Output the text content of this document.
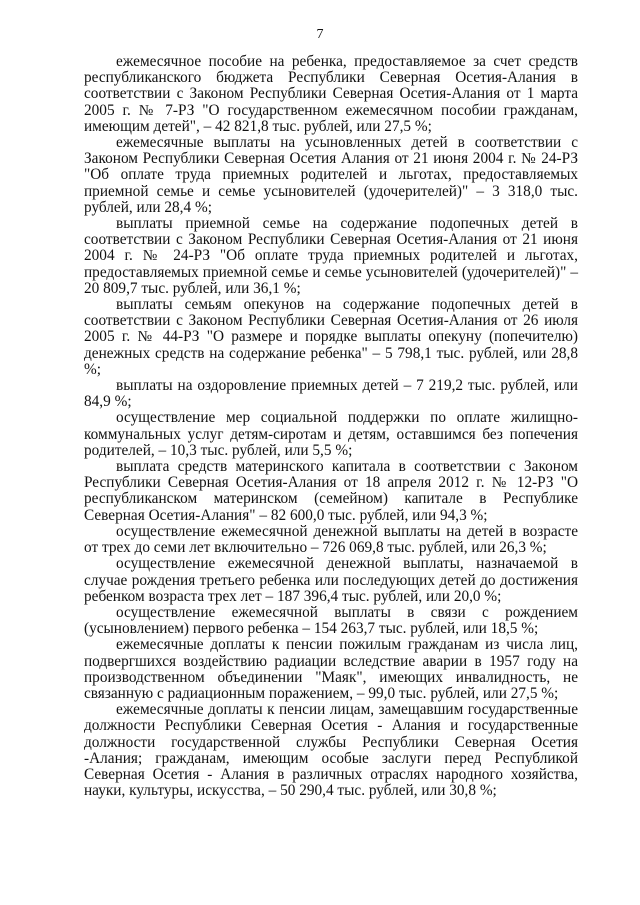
7

ежемесячное пособие на ребенка, предоставляемое за счет средств республиканского бюджета Республики Северная Осетия-Алания в соответствии с Законом Республики Северная Осетия-Алания от 1 марта 2005 г. № 7-РЗ "О государственном ежемесячном пособии гражданам, имеющим детей", – 42 821,8 тыс. рублей, или 27,5 %;

ежемесячные выплаты на усыновленных детей в соответствии с Законом Республики Северная Осетия Алания от 21 июня 2004 г. № 24-РЗ "Об оплате труда приемных родителей и льготах, предоставляемых приемной семье и семье усыновителей (удочерителей)" – 3 318,0 тыс. рублей, или 28,4 %;

выплаты приемной семье на содержание подопечных детей в соответствии с Законом Республики Северная Осетия-Алания от 21 июня 2004 г. № 24-РЗ "Об оплате труда приемных родителей и льготах, предоставляемых приемной семье и семье усыновителей (удочерителей)" – 20 809,7 тыс. рублей, или 36,1 %;

выплаты семьям опекунов на содержание подопечных детей в соответствии с Законом Республики Северная Осетия-Алания от 26 июля 2005 г. № 44-РЗ "О размере и порядке выплаты опекуну (попечителю) денежных средств на содержание ребенка" – 5 798,1 тыс. рублей, или 28,8 %;

выплаты на оздоровление приемных детей – 7 219,2 тыс. рублей, или 84,9 %;

осуществление мер социальной поддержки по оплате жилищно-коммунальных услуг детям-сиротам и детям, оставшимся без попечения родителей, – 10,3 тыс. рублей, или 5,5 %;

выплата средств материнского капитала в соответствии с Законом Республики Северная Осетия-Алания от 18 апреля 2012 г. № 12-РЗ "О республиканском материнском (семейном) капитале в Республике Северная Осетия-Алания" – 82 600,0 тыс. рублей, или 94,3 %;

осуществление ежемесячной денежной выплаты на детей в возрасте от трех до семи лет включительно – 726 069,8 тыс. рублей, или 26,3 %;

осуществление ежемесячной денежной выплаты, назначаемой в случае рождения третьего ребенка или последующих детей до достижения ребенком возраста трех лет – 187 396,4 тыс. рублей, или 20,0 %;

осуществление ежемесячной выплаты в связи с рождением (усыновлением) первого ребенка – 154 263,7 тыс. рублей, или 18,5 %;

ежемесячные доплаты к пенсии пожилым гражданам из числа лиц, подвергшихся воздействию радиации вследствие аварии в 1957 году на производственном объединении "Маяк", имеющих инвалидность, не связанную с радиационным поражением, – 99,0 тыс. рублей, или 27,5 %;

ежемесячные доплаты к пенсии лицам, замещавшим государственные должности Республики Северная Осетия - Алания и государственные должности государственной службы Республики Северная Осетия -Алания; гражданам, имеющим особые заслуги перед Республикой Северная Осетия - Алания в различных отраслях народного хозяйства, науки, культуры, искусства, – 50 290,4 тыс. рублей, или 30,8 %;
